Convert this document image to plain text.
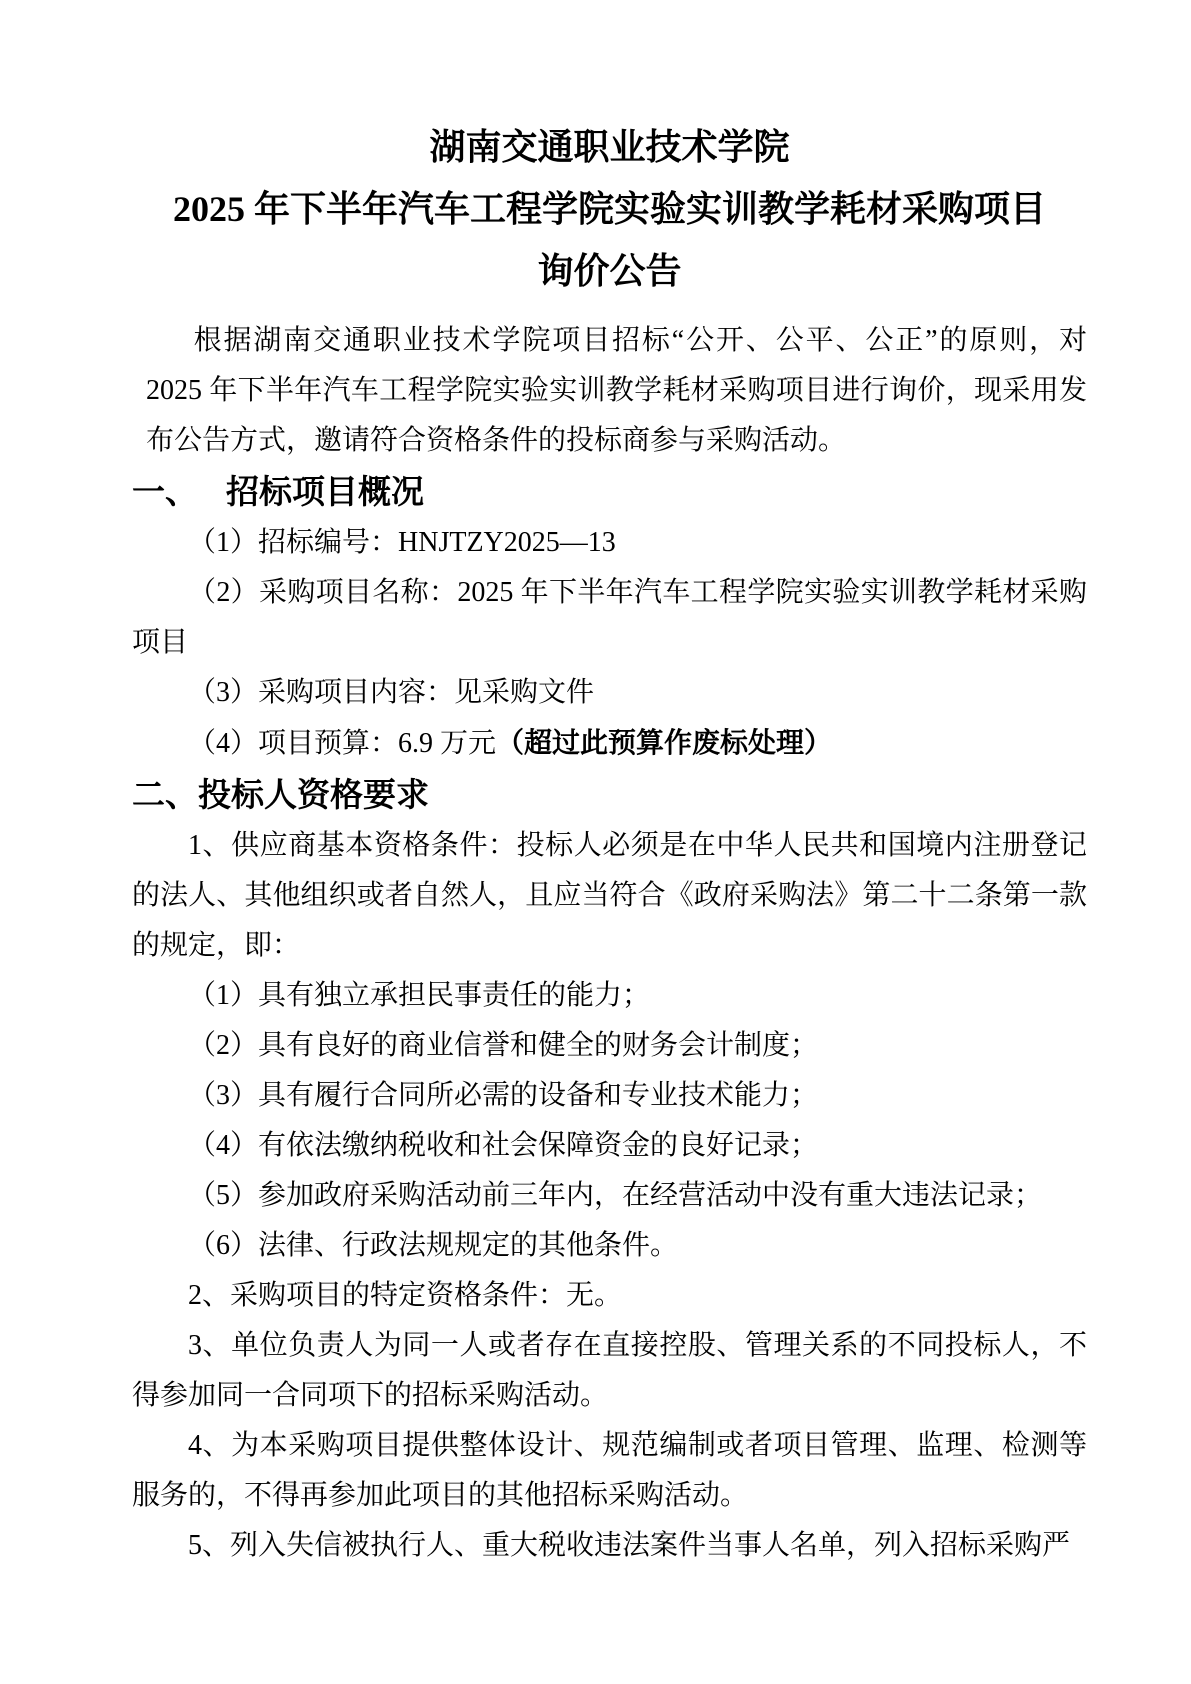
湖南交通职业技术学院
2025 年下半年汽车工程学院实验实训教学耗材采购项目
询价公告

根据湖南交通职业技术学院项目招标“公开、公平、公正”的原则，对 2025 年下半年汽车工程学院实验实训教学耗材采购项目进行询价，现采用发布公告方式，邀请符合资格条件的投标商参与采购活动。

一、 招标项目概况

（1）招标编号：HNJTZY2025—13

（2）采购项目名称：2025 年下半年汽车工程学院实验实训教学耗材采购项目

（3）采购项目内容：见采购文件

（4）项目预算：6.9 万元（超过此预算作废标处理）

二、投标人资格要求

1、供应商基本资格条件：投标人必须是在中华人民共和国境内注册登记的法人、其他组织或者自然人，且应当符合《政府采购法》第二十二条第一款的规定，即：

（1）具有独立承担民事责任的能力；

（2）具有良好的商业信誉和健全的财务会计制度；

（3）具有履行合同所必需的设备和专业技术能力；

（4）有依法缴纳税收和社会保障资金的良好记录；

（5）参加政府采购活动前三年内，在经营活动中没有重大违法记录；

（6）法律、行政法规规定的其他条件。

2、采购项目的特定资格条件：无。

3、单位负责人为同一人或者存在直接控股、管理关系的不同投标人，不得参加同一合同项下的招标采购活动。

4、为本采购项目提供整体设计、规范编制或者项目管理、监理、检测等服务的，不得再参加此项目的其他招标采购活动。

5、列入失信被执行人、重大税收违法案件当事人名单，列入招标采购严
